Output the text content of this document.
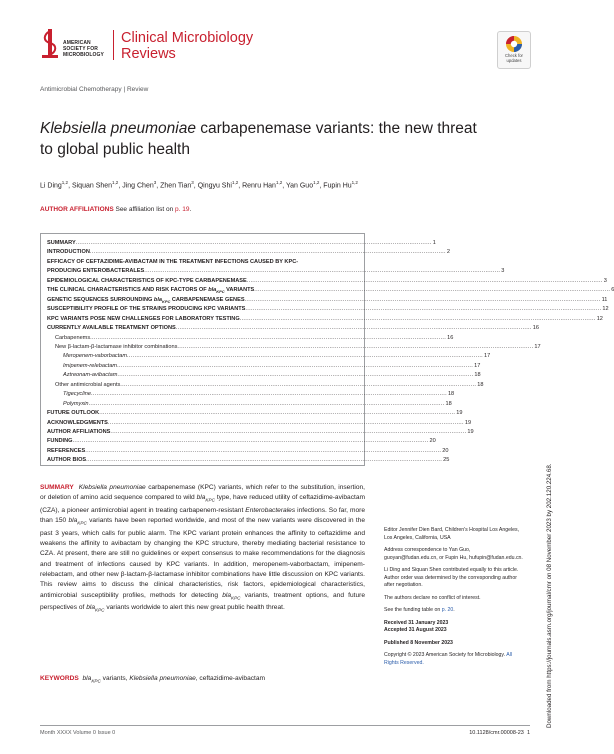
AMERICAN
SOCIETY FOR
MICROBIOLOGY
Clinical Microbiology
Reviews	Check for
updates
Antimicrobial Chemotherapy | Review
Klebsiella pneumoniae carbapenemase variants: the new threat
to global public health
Li Ding$^{1,2}$, Siquan Shen$^{1,2}$, Jing Chen$^3$, Zhen Tian$^3$, Qingyu Shi$^{1,2}$, Renru Han$^{1,2}$, Yan Guo$^{1,2}$, Fupin Hu$^{1,2}$
AUTHOR AFFILIATIONS See affiliation list on p. 19.
SUMMARY .....	1
INTRODUCTION .....	2
EFFICACY OF CEFTAZIDIME-AVIBACTAM IN THE TREATMENT INFECTIONS CAUSED BY KPC-
PRODUCING ENTEROBACTERALES .....	3
EPIDEMIOLOGICAL CHARACTERISTICS OF KPC-TYPE CARBAPENEMASE .....	3
THE CLINICAL CHARACTERISTICS AND RISK FACTORS OF bla$_{KPC}$ VARIANTS .....	6
GENETIC SEQUENCES SURROUNDING bla$_{KPC}$ CARBAPENEMASE GENES .....	11
SUSCEPTIBILITY PROFILE OF THE STRAINS PRODUCING KPC VARIANTS .....	12
KPC VARIANTS POSE NEW CHALLENGES FOR LABORATORY TESTING .....	12
CURRENTLY AVAILABLE TREATMENT OPTIONS .....	16
Carbapenems .....	16
New β-lactam-β-lactamase inhibitor combinations .....	17
Meropenem-vaborbactam .....	17
Imipenem-relebactam .....	17
Aztreonam-avibactam .....	18
Other antimicrobial agents .....	18
Tigecycline .....	18
Polymyxin .....	18
FUTURE OUTLOOK .....	19
ACKNOWLEDGMENTS .....	19
AUTHOR AFFILIATIONS .....	19
FUNDING .....	20
REFERENCES .....	20
AUTHOR BIOS .....	25
SUMMARY Klebsiella pneumoniae carbapenemase (KPC) variants, which refer to the substitution, insertion, or deletion of amino acid sequence compared to wild bla$_{KPC}$ type, have reduced utility of ceftazidime-avibactam (CZA), a pioneer antimicrobial agent in treating carbapenem-resistant Enterobacterales infections. So far, more than 150 bla$_{KPC}$ variants have been reported worldwide, and most of the new variants were discovered in the past 3 years, which calls for public alarm. The KPC variant protein enhances the affinity to ceftazidime and weakens the affinity to avibactam by changing the KPC structure, thereby mediating bacterial resistance to CZA. At present, there are still no guidelines or expert consensus to make recommendations for the diagnosis and treatment of infections caused by KPC variants. In addition, meropenem-vaborbactam, imipenem-relebactam, and other new β-lactam-β-lactamase inhibitor combinations have little discussion on KPC variants. This review aims to discuss the clinical characteristics, risk factors, epidemiological characteristics, antimicrobial susceptibility profiles, methods for detecting bla$_{KPC}$ variants, treatment options, and future perspectives of bla$_{KPC}$ variants worldwide to alert this new great public health threat.

Editor Jennifer Dien Bard, Children's Hospital Los Angeles, Los Angeles, California, USA

Address correspondence to Yan Guo, guoyan@fudan.edu.cn, or Fupin Hu, hufupin@fudan.edu.cn.

Li Ding and Siquan Shen contributed equally to this article. Author order was determined by the corresponding author after negotiation.

The authors declare no conflict of interest.

See the funding table on p. 20.

Received 31 January 2023

Accepted 31 August 2023

Published 8 November 2023

Copyright © 2023 American Society for Microbiology. All Rights Reserved.

KEYWORDS bla$_{KPC}$ variants, Klebsiella pneumoniae, ceftazidime-avibactam
Month XXXX Volume 0 Issue 0	10.1128/cmr.00008-23 1
Downloaded from https://journals.asm.org/journal/cmr on 08 November 2023 by 202.120.224.68.
